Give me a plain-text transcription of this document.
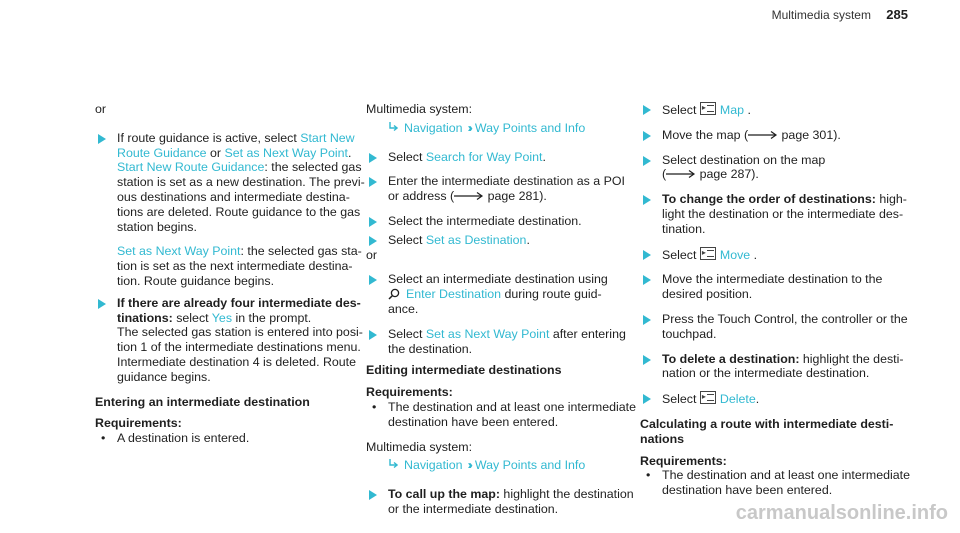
Multimedia system 285
or
If route guidance is active, select Start New
Route Guidance or Set as Next Way Point.
Start New Route Guidance: the selected gas
station is set as a new destination. The previ-
ous destinations and intermediate destina-
tions are deleted. Route guidance to the gas
station begins.
Set as Next Way Point: the selected gas sta-
tion is set as the next intermediate destina-
tion. Route guidance begins.
If there are already four intermediate des-
tinations: select Yes in the prompt.
The selected gas station is entered into posi-
tion 1 of the intermediate destinations menu.
Intermediate destination 4 is deleted. Route
guidance begins.
Entering an intermediate destination
Requirements:
• A destination is entered.
Multimedia system:
Navigation ›› Way Points and Info
Select Search for Way Point.
Enter the intermediate destination as a POI
or address ( page 281).
Select the intermediate destination.
Select Set as Destination.
or
Select an intermediate destination using
Enter Destination during route guid-
ance.
Select Set as Next Way Point after entering
the destination.
Editing intermediate destinations
Requirements:
• The destination and at least one intermediate
destination have been entered.
Multimedia system:
Navigation ›› Way Points and Info
To call up the map: highlight the destination
or the intermediate destination.
Select ▸Map .
Move the map ( page 301).
Select destination on the map
( page 287).
To change the order of destinations: high-
light the destination or the intermediate des-
tination.
Select ▸Move .
Move the intermediate destination to the
desired position.
Press the Touch Control, the controller or the
touchpad.
To delete a destination: highlight the desti-
nation or the intermediate destination.
Select ▸Delete.
Calculating a route with intermediate desti-
nations
Requirements:
• The destination and at least one intermediate
destination have been entered.
carmanualsonline.info
